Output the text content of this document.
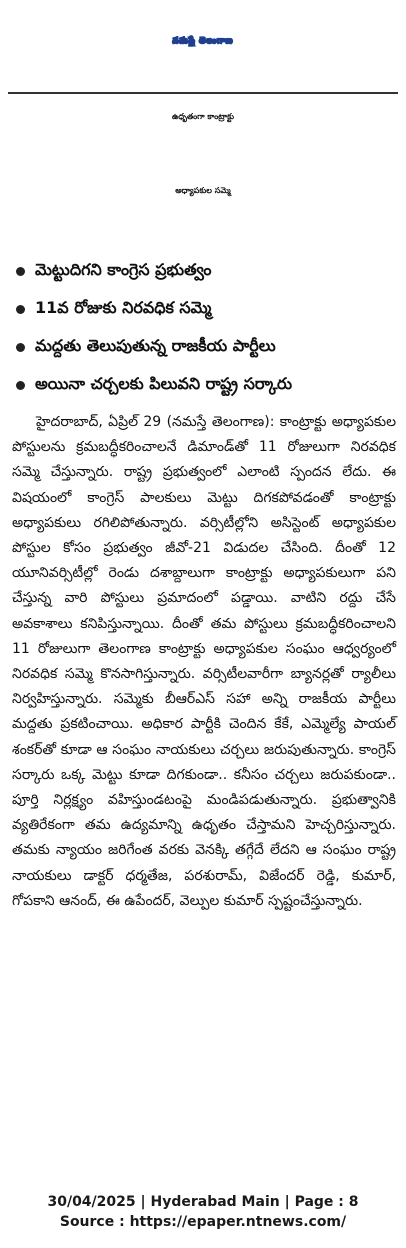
నమస్తే తెలంగాణ
ఉధృతంగా కాంట్రాక్టు
అధ్యాపకుల సమ్మె
మెట్టుదిగని కాంగ్రెస ప్రభుత్వం
11వ రోజుకు నిరవధిక సమ్మె
మద్దతు తెలుపుతున్న రాజకీయ పార్టీలు
అయినా చర్చలకు పిలువని రాష్ట్ర సర్కారు

హైదరాబాద్, ఏప్రిల్ 29 (నమస్తే తెలంగాణ): కాంట్రాక్టు అధ్యాపకుల పోస్టులను క్రమబద్ధీకరించాలనే డిమాండ్‌తో 11 రోజులుగా నిరవధిక సమ్మె చేస్తున్నారు. రాష్ట్ర ప్రభుత్వంలో ఎలాంటి స్పందన లేదు. ఈ విషయంలో కాంగ్రెస్ పాలకులు మెట్టు దిగకపోవడంతో కాంట్రాక్టు అధ్యాపకులు రగిలిపోతున్నారు. వర్సిటీల్లోని అసిస్టెంట్ అధ్యాపకుల పోస్టుల కోసం ప్రభుత్వం జీవో-21 విడుదల చేసింది. దీంతో 12 యూనివర్సిటీల్లో రెండు దశాబ్దాలుగా కాంట్రాక్టు అధ్యాపకులుగా పని చేస్తున్న వారి పోస్టులు ప్రమాదంలో పడ్డాయి. వాటిని రద్దు చేసే అవకాశాలు కనిపిస్తున్నాయి. దీంతో తమ పోస్టులు క్రమబద్ధీకరించాలని 11 రోజులుగా తెలంగాణ కాంట్రాక్టు అధ్యాపకుల సంఘం ఆధ్వర్యంలో నిరవధిక సమ్మె కొనసాగిస్తున్నారు. వర్సిటీలవారీగా బ్యానర్లతో ర్యాలీలు నిర్వహిస్తున్నారు. సమ్మెకు బీఆర్ఎస్ సహా అన్ని రాజకీయ పార్టీలు మద్దతు ప్రకటించాయి. అధికార పార్టీకి చెందిన కేకే, ఎమ్మెల్యే పాయల్ శంకర్‌తో కూడా ఆ సంఘం నాయకులు చర్చలు జరుపుతున్నారు. కాంగ్రెస్ సర్కారు ఒక్క మెట్టు కూడా దిగకుండా.. కనీసం చర్చలు జరుపకుండా.. పూర్తి నిర్లక్ష్యం వహిస్తుండటంపై మండిపడుతున్నారు. ప్రభుత్వానికి వ్యతిరేకంగా తమ ఉద్యమాన్ని ఉధృతం చేస్తామని హెచ్చరిస్తున్నారు. తమకు న్యాయం జరిగేంత వరకు వెనక్కి తగ్గేదే లేదని ఆ సంఘం రాష్ట్ర నాయకులు డాక్టర్ ధర్మతేజ, పరశురామ్, విజేందర్ రెడ్డి, కుమార్, గోపకాని ఆనంద్, ఈ ఉపేందర్, వెల్పుల కుమార్ స్పష్టంచేస్తున్నారు.

30/04/2025 | Hyderabad Main | Page : 8
Source : https://epaper.ntnews.com/
